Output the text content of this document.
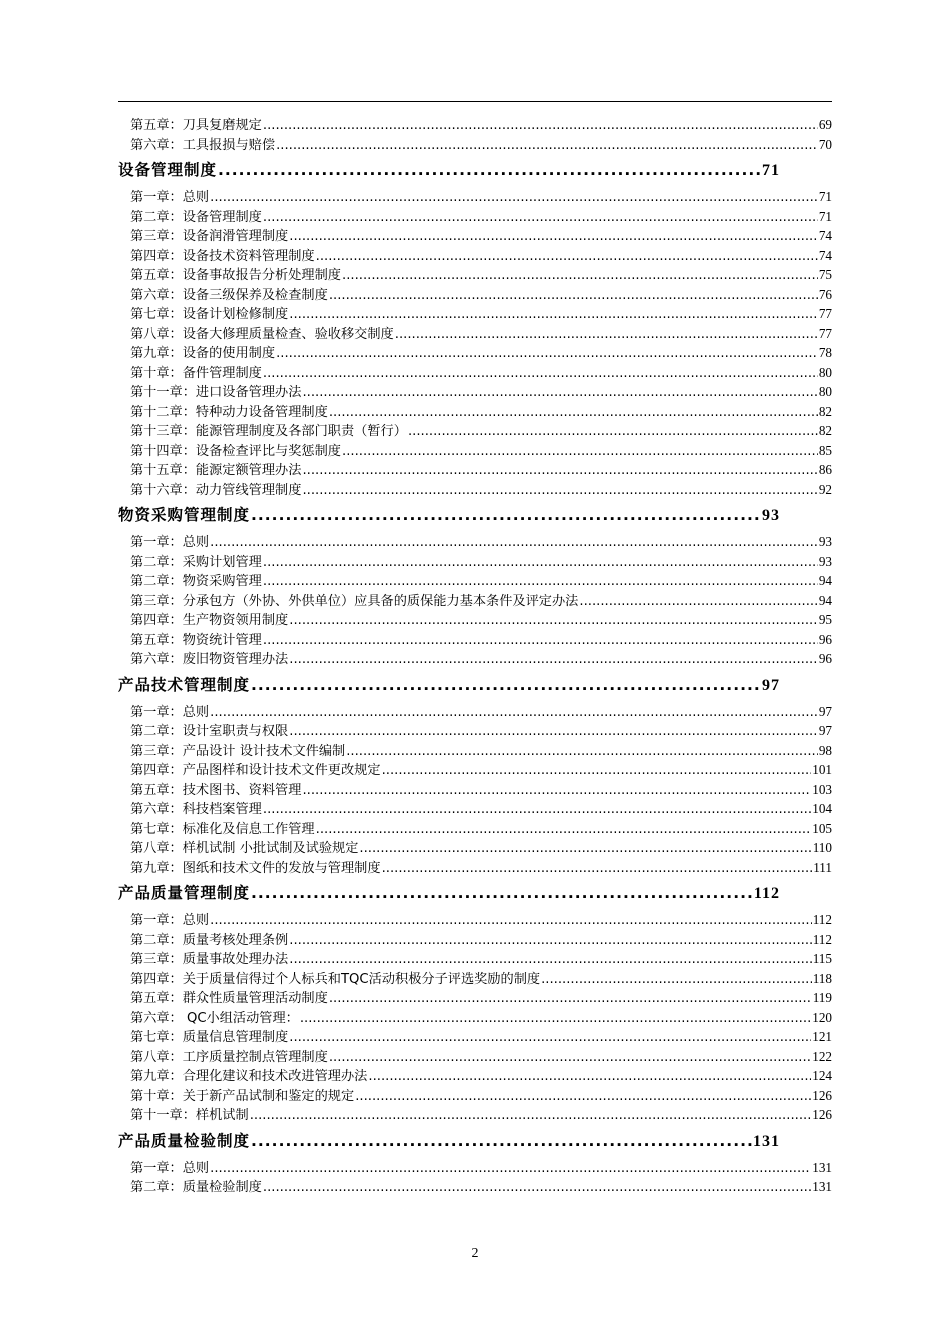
第五章：刀具复磨规定 .....	69
第六章：工具报损与赔偿 .....	70
设备管理制度 .....	71
第一章：总则 .....	71
第二章：设备管理制度 .....	71
第三章：设备润滑管理制度 .....	74
第四章：设备技术资料管理制度 .....	74
第五章：设备事故报告分析处理制度 .....	75
第六章：设备三级保养及检查制度 .....	76
第七章：设备计划检修制度 .....	77
第八章：设备大修理质量检查、验收移交制度 .....	77
第九章：设备的使用制度 .....	78
第十章：备件管理制度 .....	80
第十一章：进口设备管理办法 .....	80
第十二章：特种动力设备管理制度 .....	82
第十三章：能源管理制度及各部门职责（暂行） .....	82
第十四章：设备检查评比与奖惩制度 .....	85
第十五章：能源定额管理办法 .....	86
第十六章：动力管线管理制度 .....	92
物资采购管理制度 .....	93
第一章：总则 .....	93
第二章：采购计划管理 .....	93
第二章：物资采购管理 .....	94
第三章：分承包方（外协、外供单位）应具备的质保能力基本条件及评定办法 .....	94
第四章：生产物资领用制度 .....	95
第五章：物资统计管理 .....	96
第六章：废旧物资管理办法 .....	96
产品技术管理制度 .....	97
第一章：总则 .....	97
第二章：设计室职责与权限 .....	97
第三章：产品设计 设计技术文件编制 .....	98
第四章：产品图样和设计技术文件更改规定 .....	101
第五章：技术图书、资料管理 .....	103
第六章：科技档案管理 .....	104
第七章：标准化及信息工作管理 .....	105
第八章：样机试制 小批试制及试验规定 .....	110
第九章：图纸和技术文件的发放与管理制度 .....	111
产品质量管理制度 .....	112
第一章：总则 .....	112
第二章：质量考核处理条例 .....	112
第三章：质量事故处理办法 .....	115
第四章：关于质量信得过个人标兵和TQC活动积极分子评选奖励的制度 .....	118
第五章：群众性质量管理活动制度 .....	119
第六章： QC小组活动管理： .....	120
第七章：质量信息管理制度 .....	121
第八章：工序质量控制点管理制度 .....	122
第九章：合理化建议和技术改进管理办法 .....	124
第十章：关于新产品试制和鉴定的规定 .....	126
第十一章：样机试制 .....	126
产品质量检验制度 .....	131
第一章：总则 .....	131
第二章：质量检验制度 .....	131
2
